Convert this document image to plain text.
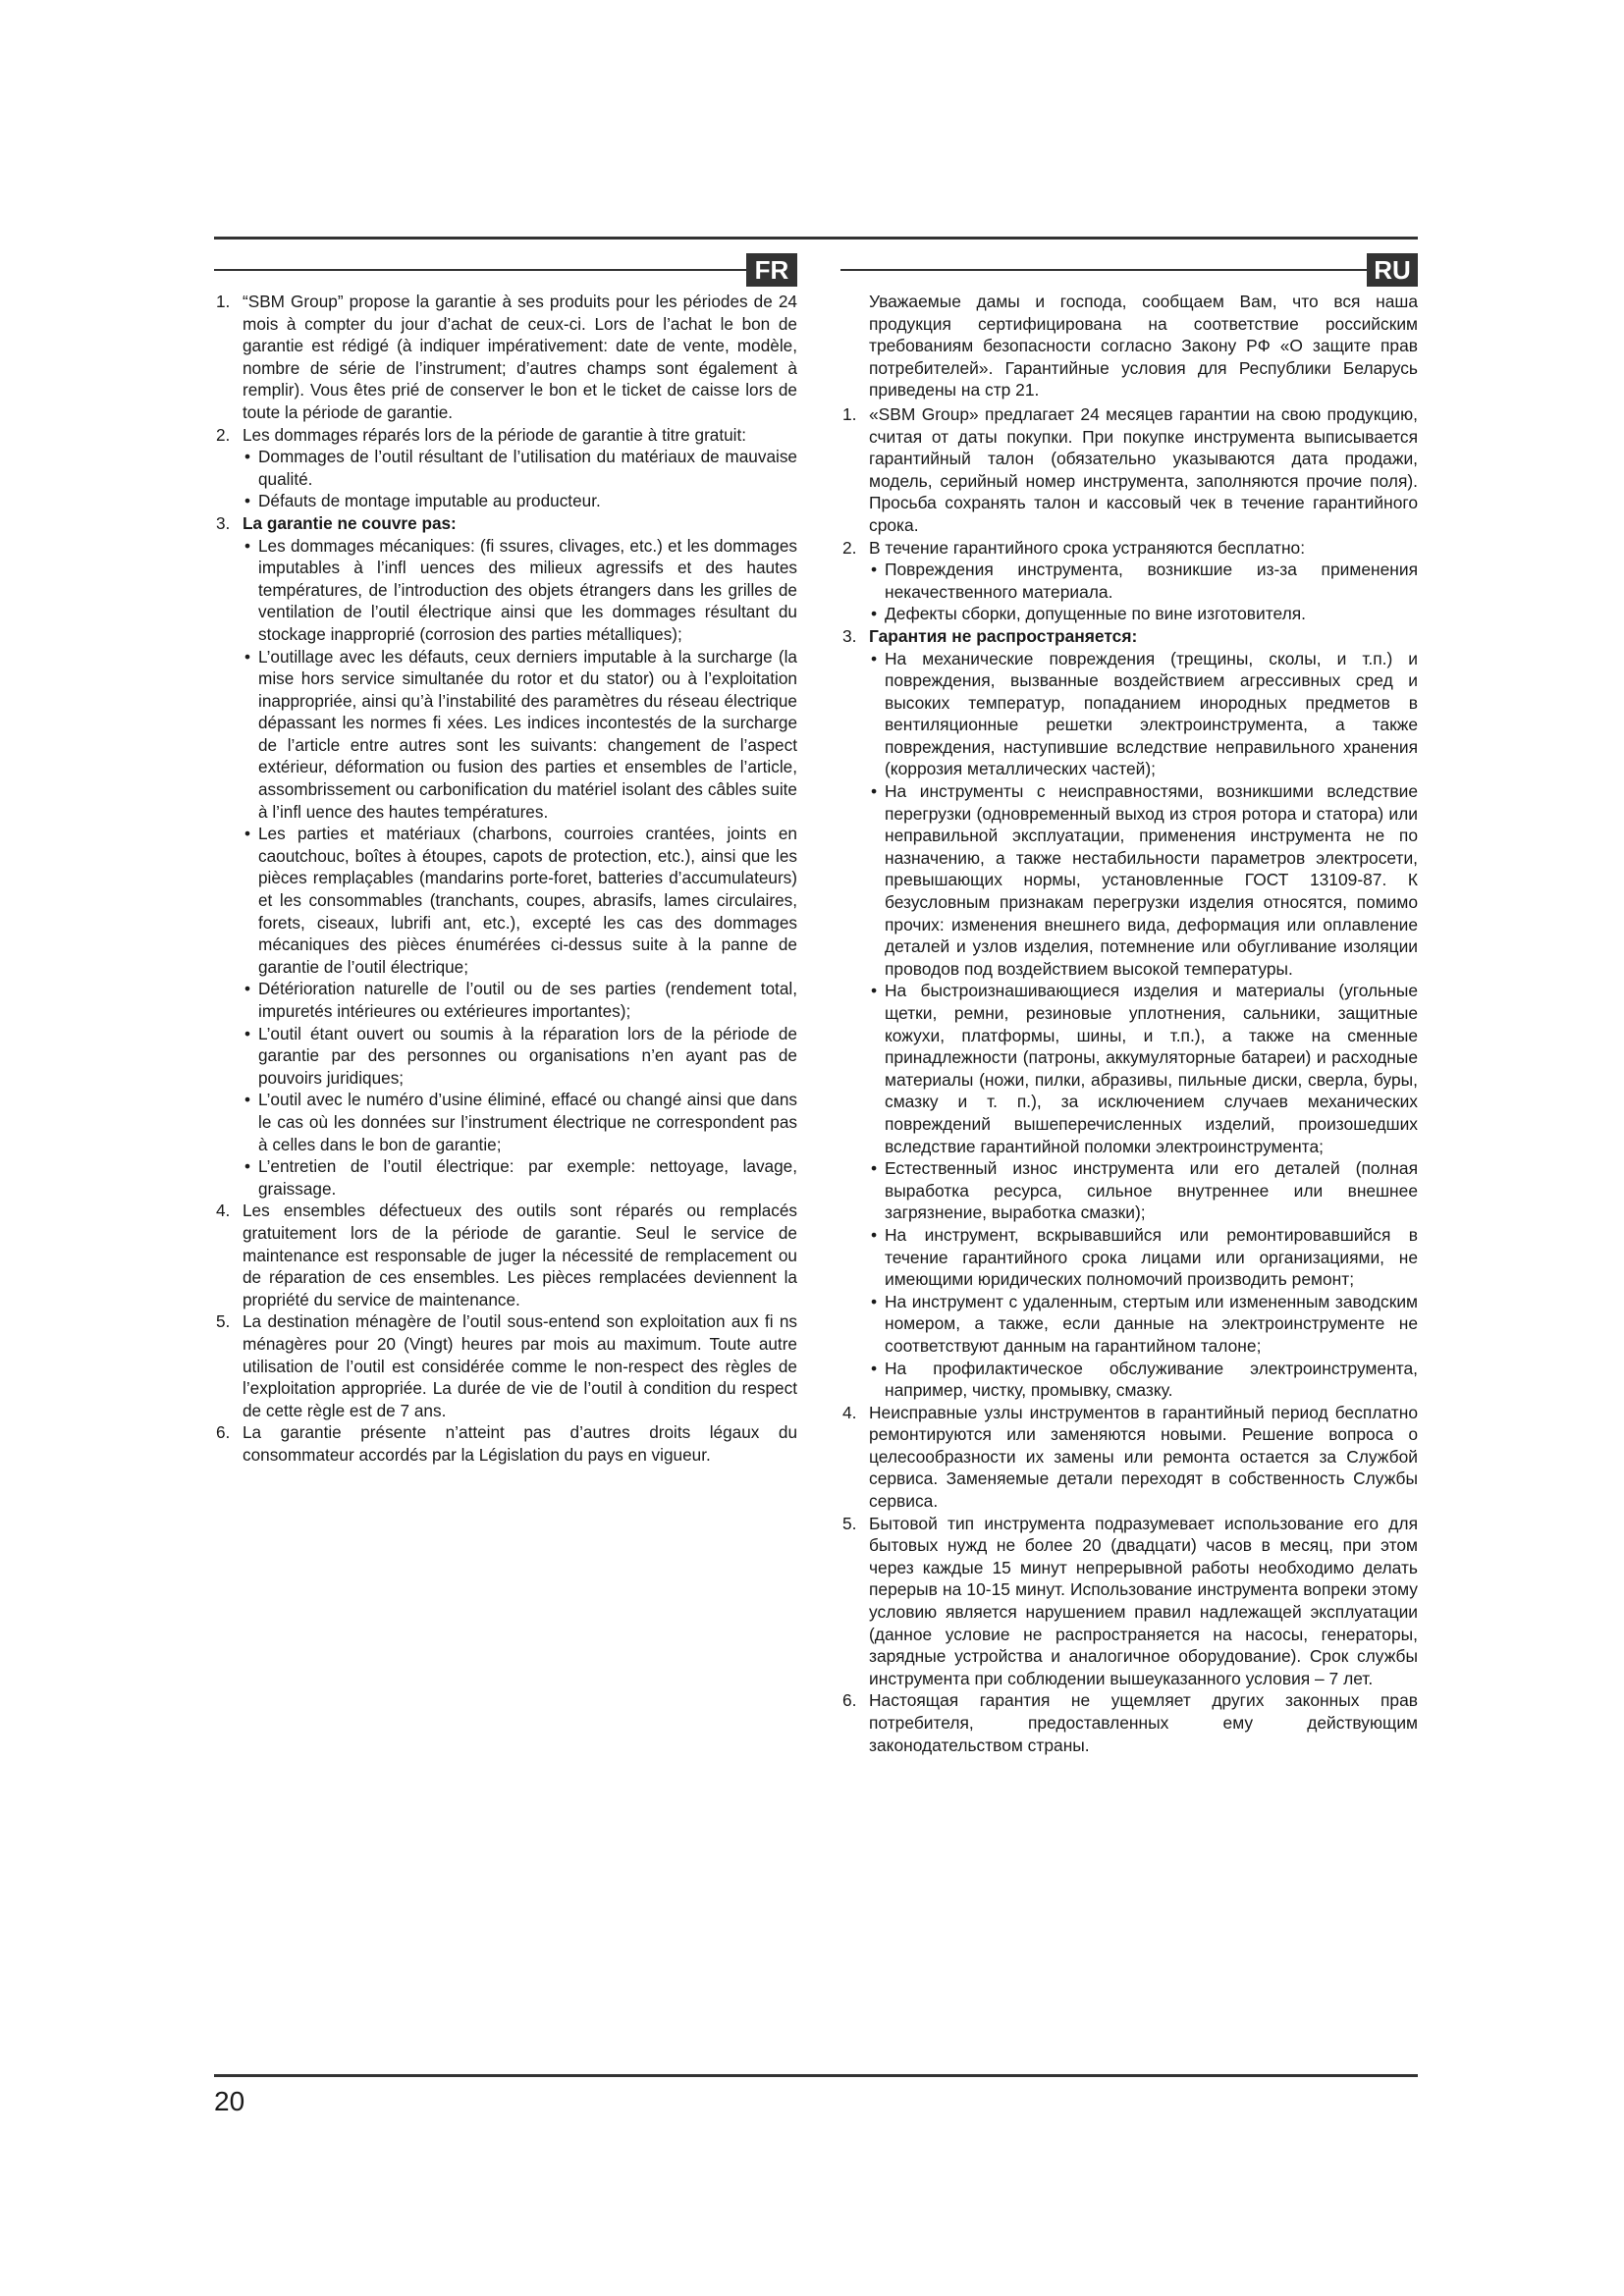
FR
1. “SBM Group” propose la garantie à ses produits pour les périodes de 24 mois à compter du jour d’achat de ceux-ci. Lors de l’achat le bon de garantie est rédigé (à indiquer impérativement: date de vente, modèle, nombre de série de l’instrument; d’autres champs sont également à remplir). Vous êtes prié de conserver le bon et le ticket de caisse lors de toute la période de garantie.
2. Les dommages réparés lors de la période de garantie à titre gratuit:
• Dommages de l’outil résultant de l’utilisation du matériaux de mauvaise qualité.
• Défauts de montage imputable au producteur.
3. La garantie ne couvre pas:
• Les dommages mécaniques: (fi ssures, clivages, etc.) et les dommages imputables à l’infl uences des milieux agressifs et des hautes températures, de l’introduction des objets étrangers dans les grilles de ventilation de l’outil électrique ainsi que les dommages résultant du stockage inapproprié (corrosion des parties métalliques);
• L’outillage avec les défauts, ceux derniers imputable à la surcharge (la mise hors service simultanée du rotor et du stator) ou à l’exploitation inappropriée, ainsi qu’à l’instabilité des paramètres du réseau électrique dépassant les normes fi xées. Les indices incontestés de la surcharge de l’article entre autres sont les suivants: changement de l’aspect extérieur, déformation ou fusion des parties et ensembles de l’article, assombrissement ou carbonification du matériel isolant des câbles suite à l’infl uence des hautes températures.
• Les parties et matériaux (charbons, courroies crantées, joints en caoutchouc, boîtes à étoupes, capots de protection, etc.), ainsi que les pièces remplaçables (mandarins porte-foret, batteries d’accumulateurs) et les consommables (tranchants, coupes, abrasifs, lames circulaires, forets, ciseaux, lubrifi ant, etc.), excepté les cas des dommages mécaniques des pièces énumérées ci-dessus suite à la panne de garantie de l’outil électrique;
• Détérioration naturelle de l’outil ou de ses parties (rendement total, impuretés intérieures ou extérieures importantes);
• L’outil étant ouvert ou soumis à la réparation lors de la période de garantie par des personnes ou organisations n’en ayant pas de pouvoirs juridiques;
• L’outil avec le numéro d’usine éliminé, effacé ou changé ainsi que dans le cas où les données sur l’instrument électrique ne correspondent pas à celles dans le bon de garantie;
• L’entretien de l’outil électrique: par exemple: nettoyage, lavage, graissage.
4. Les ensembles défectueux des outils sont réparés ou remplacés gratuitement lors de la période de garantie. Seul le service de maintenance est responsable de juger la nécessité de remplacement ou de réparation de ces ensembles. Les pièces remplacées deviennent la propriété du service de maintenance.
5. La destination ménagère de l’outil sous-entend son exploitation aux fi ns ménagères pour 20 (Vingt) heures par mois au maximum. Toute autre utilisation de l’outil est considérée comme le non-respect des règles de l’exploitation appropriée. La durée de vie de l’outil à condition du respect de cette règle est de 7 ans.
6. La garantie présente n’atteint pas d’autres droits légaux du consommateur accordés par la Législation du pays en vigueur.
RU

Уважаемые дамы и господа, сообщаем Вам, что вся наша продукция сертифицирована на соответствие российским требованиям безопасности согласно Закону РФ «О защите прав потребителей». Гарантийные условия для Республики Беларусь приведены на стр 21.

1. «SBM Group» предлагает 24 месяцев гарантии на свою продукцию, считая от даты покупки. При покупке инструмента выписывается гарантийный талон (обязательно указываются дата продажи, модель, серийный номер инструмента, заполняются прочие поля). Просьба сохранять талон и кассовый чек в течение гарантийного срока.
2. В течение гарантийного срока устраняются бесплатно:
• Повреждения инструмента, возникшие из-за применения некачественного материала.
• Дефекты сборки, допущенные по вине изготовителя.
3. Гарантия не распространяется:
• На механические повреждения (трещины, сколы, и т.п.) и повреждения, вызванные воздействием агрессивных сред и высоких температур, попаданием инородных предметов в вентиляционные решетки электроинструмента, а также повреждения, наступившие вследствие неправильного хранения (коррозия металлических частей);
• На инструменты с неисправностями, возникшими вследствие перегрузки (одновременный выход из строя ротора и статора) или неправильной эксплуатации, применения инструмента не по назначению, а также нестабильности параметров электросети, превышающих нормы, установленные ГОСТ 13109-87. К безусловным признакам перегрузки изделия относятся, помимо прочих: изменения внешнего вида, деформация или оплавление деталей и узлов изделия, потемнение или обугливание изоляции проводов под воздействием высокой температуры.
• На быстроизнашивающиеся изделия и материалы (угольные щетки, ремни, резиновые уплотнения, сальники, защитные кожухи, платформы, шины, и т.п.), а также на сменные принадлежности (патроны, аккумуляторные батареи) и расходные материалы (ножи, пилки, абразивы, пильные диски, сверла, буры, смазку и т. п.), за исключением случаев механических повреждений вышеперечисленных изделий, произошедших вследствие гарантийной поломки электроинструмента;
• Естественный износ инструмента или его деталей (полная выработка ресурса, сильное внутреннее или внешнее загрязнение, выработка смазки);
• На инструмент, вскрывавшийся или ремонтировавшийся в течение гарантийного срока лицами или организациями, не имеющими юридических полномочий производить ремонт;
• На инструмент с удаленным, стертым или измененным заводским номером, а также, если данные на электроинструменте не соответствуют данным на гарантийном талоне;
• На профилактическое обслуживание электроинструмента, например, чистку, промывку, смазку.
4. Неисправные узлы инструментов в гарантийный период бесплатно ремонтируются или заменяются новыми. Решение вопроса о целесообразности их замены или ремонта остается за Службой сервиса. Заменяемые детали переходят в собственность Службы сервиса.
5. Бытовой тип инструмента подразумевает использование его для бытовых нужд не более 20 (двадцати) часов в месяц, при этом через каждые 15 минут непрерывной работы необходимо делать перерыв на 10-15 минут. Использование инструмента вопреки этому условию является нарушением правил надлежащей эксплуатации (данное условие не распространяется на насосы, генераторы, зарядные устройства и аналогичное оборудование). Срок службы инструмента при соблюдении вышеуказанного условия – 7 лет.
6. Настоящая гарантия не ущемляет других законных прав потребителя, предоставленных ему действующим законодательством страны.
20
